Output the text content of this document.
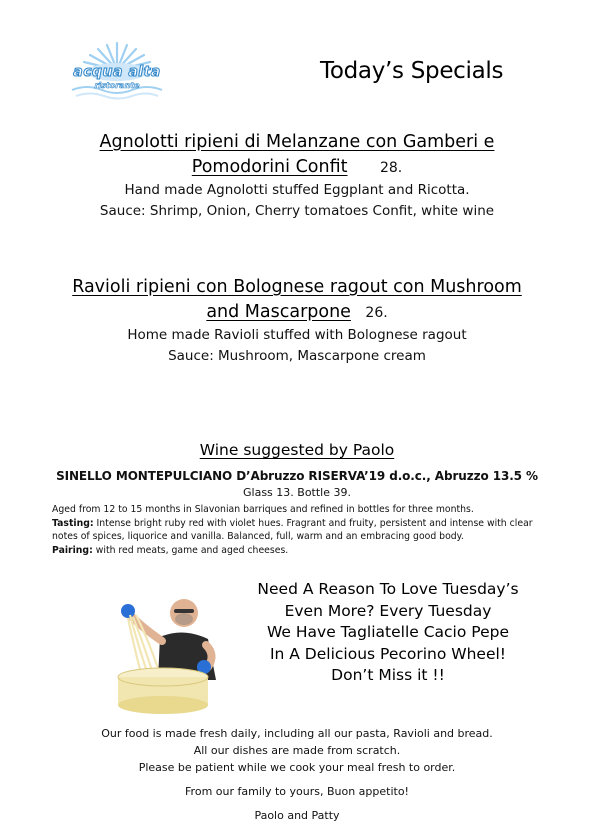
acqua alta
ristorante
Today’s Specials
Agnolotti ripieni di Melanzane con Gamberi e
Pomodorini Confit 28.
Hand made Agnolotti stuffed Eggplant and Ricotta.
Sauce: Shrimp, Onion, Cherry tomatoes Confit, white wine
Ravioli ripieni con Bolognese ragout con Mushroom
and Mascarpone 26.
Home made Ravioli stuffed with Bolognese ragout
Sauce: Mushroom, Mascarpone cream
Wine suggested by Paolo
SINELLO MONTEPULCIANO D’Abruzzo RISERVA’19 d.o.c., Abruzzo 13.5 %
Glass 13. Bottle 39.
Aged from 12 to 15 months in Slavonian barriques and refined in bottles for three months.
Tasting: Intense bright ruby red with violet hues. Fragrant and fruity, persistent and intense with clear notes of spices, liquorice and vanilla. Balanced, full, warm and an embracing good body.
Pairing: with red meats, game and aged cheeses.
Need A Reason To Love Tuesday’s
Even More? Every Tuesday
We Have Tagliatelle Cacio Pepe
In A Delicious Pecorino Wheel!
Don’t Miss it !!
Our food is made fresh daily, including all our pasta, Ravioli and bread.
All our dishes are made from scratch.
Please be patient while we cook your meal fresh to order.
From our family to yours, Buon appetito!
Paolo and Patty
